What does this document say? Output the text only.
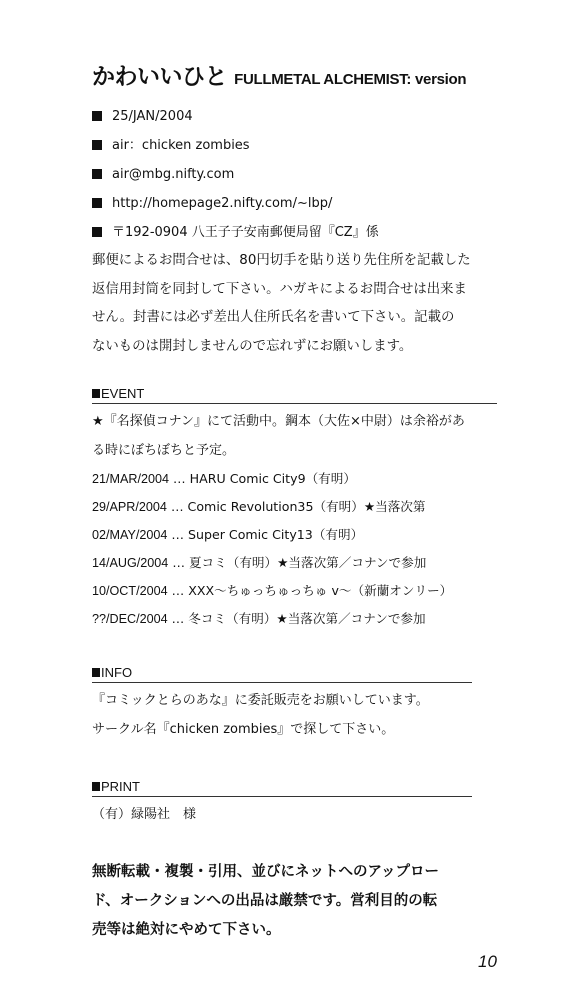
かわいいひと FULLMETAL ALCHEMIST: version
25/JAN/2004
air：chicken zombies
air@mbg.nifty.com
http://homepage2.nifty.com/~lbp/
〒192-0904 八王子子安南郵便局留『CZ』係
郵便によるお問合せは、80円切手を貼り送り先住所を記載した
返信用封筒を同封して下さい。ハガキによるお問合せは出来ま
せん。封書には必ず差出人住所氏名を書いて下さい。記載の
ないものは開封しませんので忘れずにお願いします。
EVENT
★『名探偵コナン』にて活動中。鋼本（大佐×中尉）は余裕があ
る時にぼちぼちと予定。
21/MAR/2004 … HARU Comic City9（有明）
29/APR/2004 … Comic Revolution35（有明）★当落次第
02/MAY/2004 … Super Comic City13（有明）
14/AUG/2004 … 夏コミ（有明）★当落次第／コナンで参加
10/OCT/2004 … XXX～ちゅっちゅっちゅ v～（新蘭オンリー）
??/DEC/2004 … 冬コミ（有明）★当落次第／コナンで参加
INFO
『コミックとらのあな』に委託販売をお願いしています。
サークル名『chicken zombies』で探して下さい。
PRINT
（有）緑陽社　様
無断転載・複製・引用、並びにネットへのアップロー
ド、オークションへの出品は厳禁です。営利目的の転
売等は絶対にやめて下さい。
10
